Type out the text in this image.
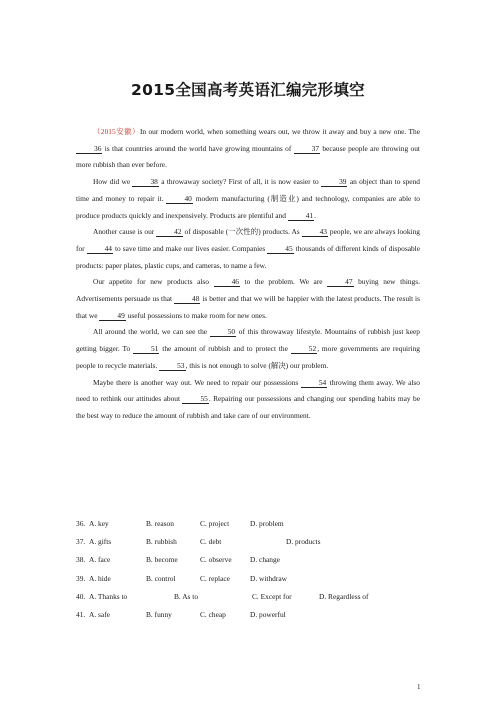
2015全国高考英语汇编完形填空

（2015安徽）In our modern world, when something wears out, we throw it away and buy a new one. The 36 is that countries around the world have growing mountains of 37 because people are throwing out more rubbish than ever before.

How did we 38 a throwaway society? First of all, it is now easier to 39 an object than to spend time and money to repair it. 40 modern manufacturing (制造业) and technology, companies are able to produce products quickly and inexpensively. Products are plentiful and 41.

Another cause is our 42 of disposable (一次性的) products. As 43 people, we are always looking for 44 to save time and make our lives easier. Companies 45 thousands of different kinds of disposable products: paper plates, plastic cups, and cameras, to name a few.

Our appetite for new products also 46 to the problem. We are 47 buying new things. Advertisements persuade us that 48 is better and that we will be happier with the latest products. The result is that we 49 useful possessions to make room for new ones.

All around the world, we can see the 50 of this throwaway lifestyle. Mountains of rubbish just keep getting bigger. To 51 the amount of rubbish and to protect the 52, more governments are requiring people to recycle materials. 53, this is not enough to solve (解决) our problem.

Maybe there is another way out. We need to repair our possessions 54 throwing them away. We also need to rethink our attitudes about 55. Repairing our possessions and changing our spending habits may be the best way to reduce the amount of rubbish and take care of our environment.

36. A. key	B. reason	C. project	D. problem
37. A. gifts	B. rubbish	C. debt	D. products
38. A. face	B. become	C. observe D. change
39. A. hide	B. control	C. replace	D. withdraw
40. A. Thanks to	B. As to	C. Except for	D. Regardless of
41. A. safe	B. funny	C. cheap	D. powerful
1
